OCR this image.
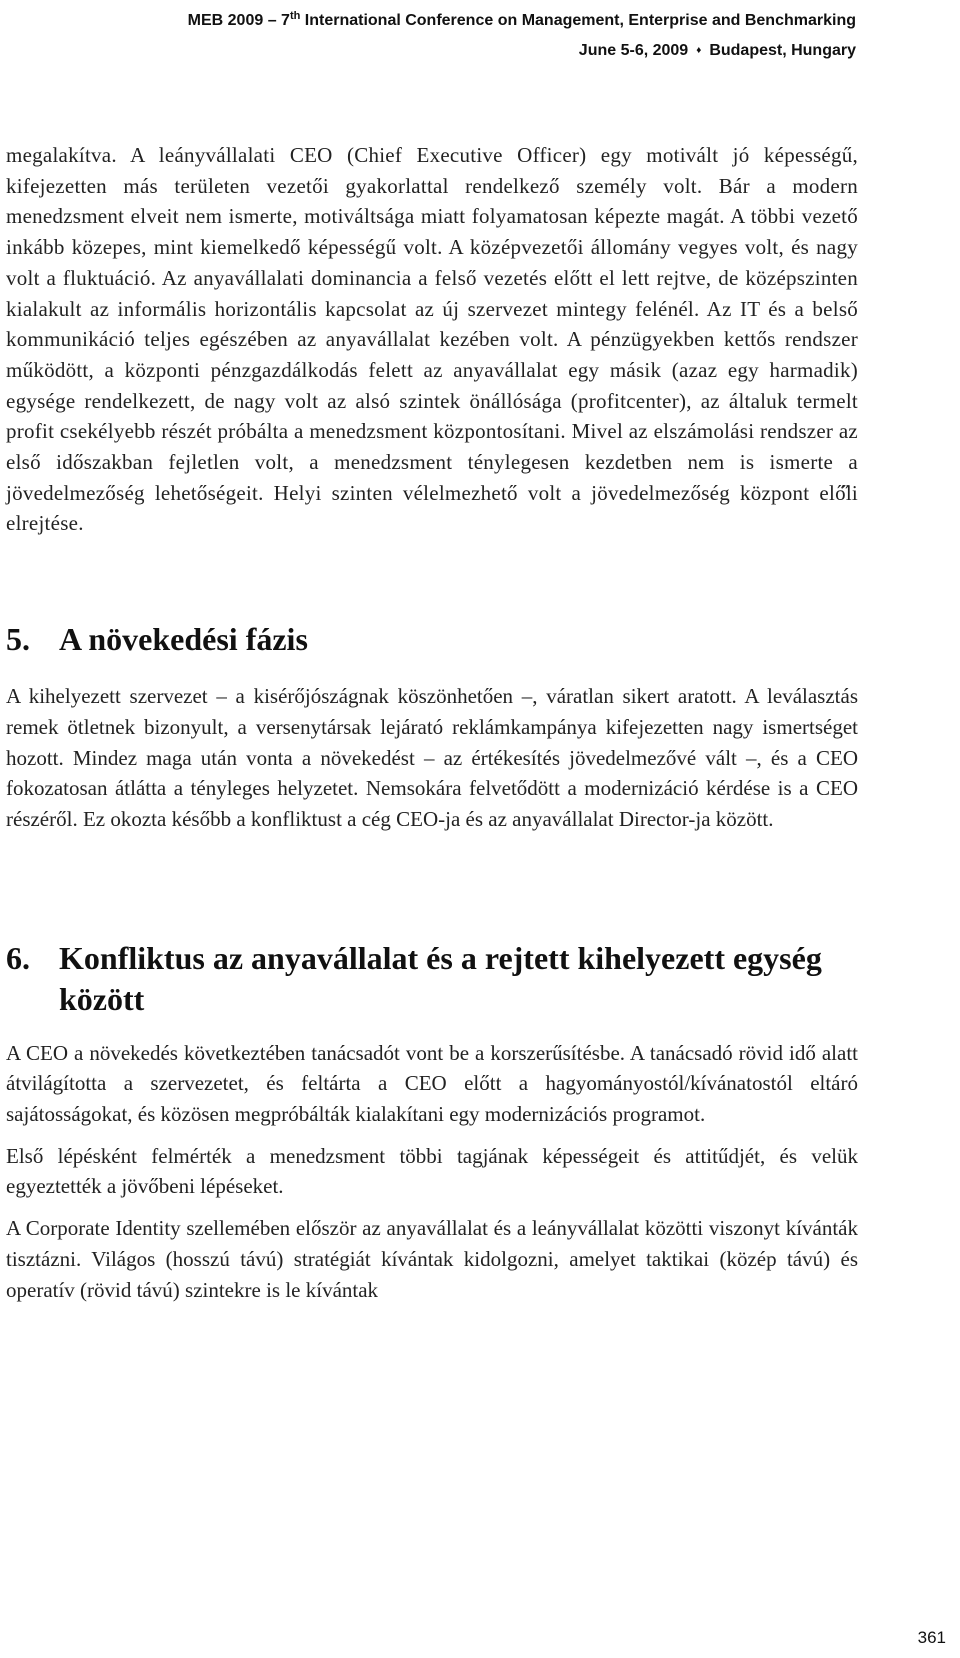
MEB 2009 – 7th International Conference on Management, Enterprise and Benchmarking
June 5-6, 2009 ♦ Budapest, Hungary

megalakítva. A leányvállalati CEO (Chief Executive Officer) egy motivált jó képességű, kifejezetten más területen vezetői gyakorlattal rendelkező személy volt. Bár a modern menedzsment elveit nem ismerte, motiváltsága miatt folyamatosan képezte magát. A többi vezető inkább közepes, mint kiemelkedő képességű volt. A középvezetői állomány vegyes volt, és nagy volt a fluktuáció. Az anyavállalati dominancia a felső vezetés előtt el lett rejtve, de középszinten kialakult az informális horizontális kapcsolat az új szervezet mintegy felénél. Az IT és a belső kommunikáció teljes egészében az anyavállalat kezében volt. A pénzügyekben kettős rendszer működött, a központi pénzgazdálkodás felett az anyavállalat egy másik (azaz egy harmadik) egysége rendelkezett, de nagy volt az alsó szintek önállósága (profitcenter), az általuk termelt profit csekélyebb részét próbálta a menedzsment központosítani. Mivel az elszámolási rendszer az első időszakban fejletlen volt, a menedzsment ténylegesen kezdetben nem is ismerte a jövedelmezőség lehetőségeit. Helyi szinten vélelmezhető volt a jövedelmezőség központ elő̋li elrejtése.

5. A növekedési fázis

A kihelyezett szervezet – a kisérőjószágnak köszönhetően –, váratlan sikert aratott. A leválasztás remek ötletnek bizonyult, a versenytársak lejárató reklámkampánya kifejezetten nagy ismertséget hozott. Mindez maga után vonta a növekedést – az értékesítés jövedelmezővé vált –, és a CEO fokozatosan átlátta a tényleges helyzetet. Nemsokára felvetődött a modernizáció kérdése is a CEO részéről. Ez okozta később a konfliktust a cég CEO-ja és az anyavállalat Director-ja között.

6. Konfliktus az anyavállalat és a rejtett kihelyezett egység között

A CEO a növekedés következtében tanácsadót vont be a korszerűsítésbe. A tanácsadó rövid idő alatt átvilágította a szervezetet, és feltárta a CEO előtt a hagyományostól/kívánatostól eltáró sajátosságokat, és közösen megpróbálták kialakítani egy modernizációs programot.

Első lépésként felmérték a menedzsment többi tagjának képességeit és attitűdjét, és velük egyeztették a jövőbeni lépéseket.

A Corporate Identity szellemében először az anyavállalat és a leányvállalat közötti viszonyt kívánták tisztázni. Világos (hosszú távú) stratégiát kívántak kidolgozni, amelyet taktikai (közép távú) és operatív (rövid távú) szintekre is le kívántak

361
